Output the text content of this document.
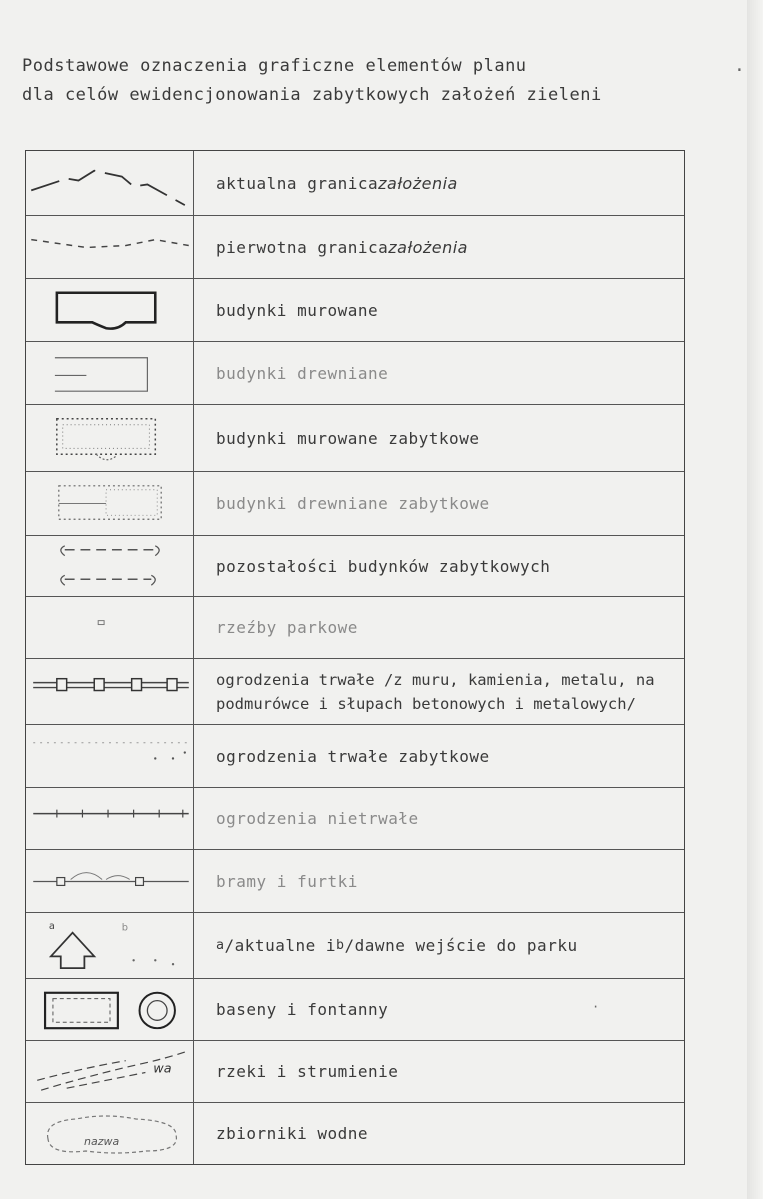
.
Podstawowe oznaczenia graficzne elementów planu
dla celów ewidencjonowania zabytkowych założeń zieleni
aktualna granica założenia
pierwotna granica założenia
budynki murowane
budynki drewniane
budynki murowane zabytkowe
budynki drewniane zabytkowe
pozostałości budynków zabytkowych
rzeźby parkowe
ogrodzenia trwałe /z muru, kamienia, metalu, na
podmurówce i słupach betonowych i metalowych/
ogrodzenia trwałe zabytkowe
ogrodzenia nietrwałe
bramy i furtki
a	b
a /aktualne i b /dawne wejście do parku
baseny i fontanny
wa	rzeki i strumienie
nazwa	zbiorniki wodne
·
